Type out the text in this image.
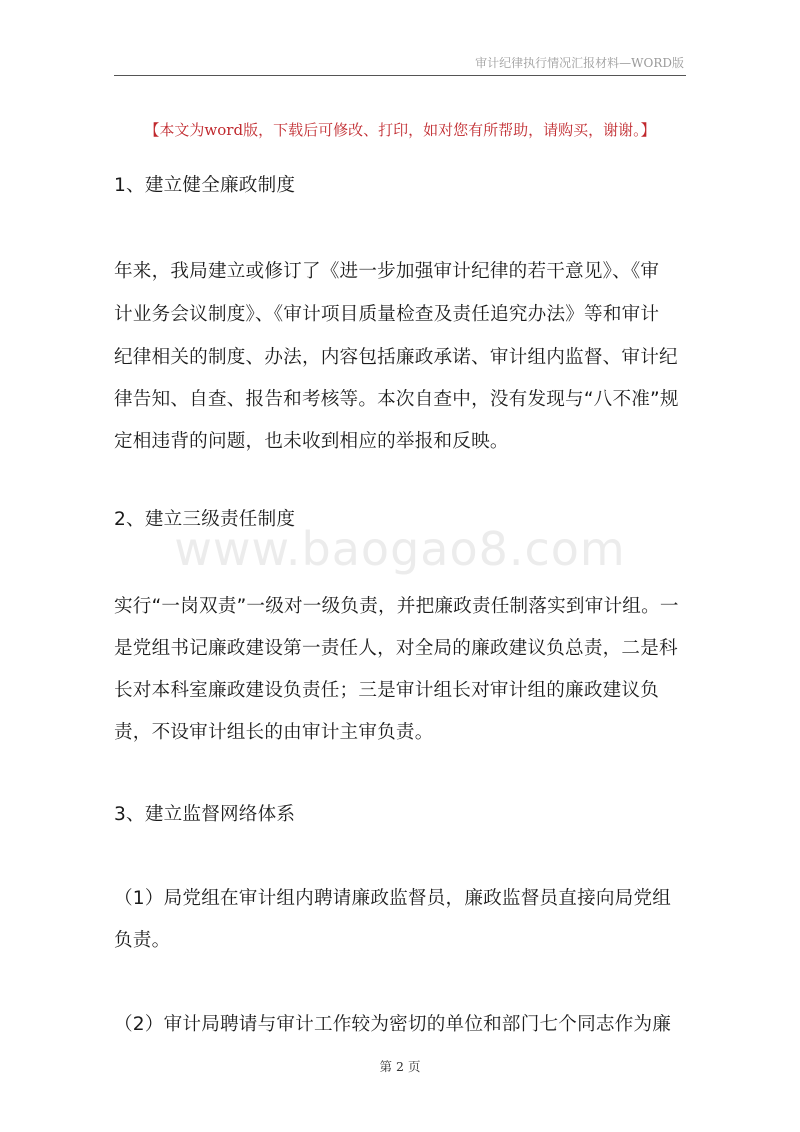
审计纪律执行情况汇报材料—WORD版
www.baogao8.com
【本文为word版，下载后可修改、打印，如对您有所帮助，请购买，谢谢。】
1、建立健全廉政制度
年来，我局建立或修订了《进一步加强审计纪律的若干意见》、《审
计业务会议制度》、《审计项目质量检查及责任追究办法》等和审计
纪律相关的制度、办法，内容包括廉政承诺、审计组内监督、审计纪
律告知、自查、报告和考核等。本次自查中，没有发现与“八不准”规
定相违背的问题，也未收到相应的举报和反映。
2、建立三级责任制度
实行“一岗双责”一级对一级负责，并把廉政责任制落实到审计组。一
是党组书记廉政建设第一责任人，对全局的廉政建议负总责，二是科
长对本科室廉政建设负责任；三是审计组长对审计组的廉政建议负
责，不设审计组长的由审计主审负责。
3、建立监督网络体系
（1）局党组在审计组内聘请廉政监督员，廉政监督员直接向局党组
负责。
（2）审计局聘请与审计工作较为密切的单位和部门七个同志作为廉
第 2 页
